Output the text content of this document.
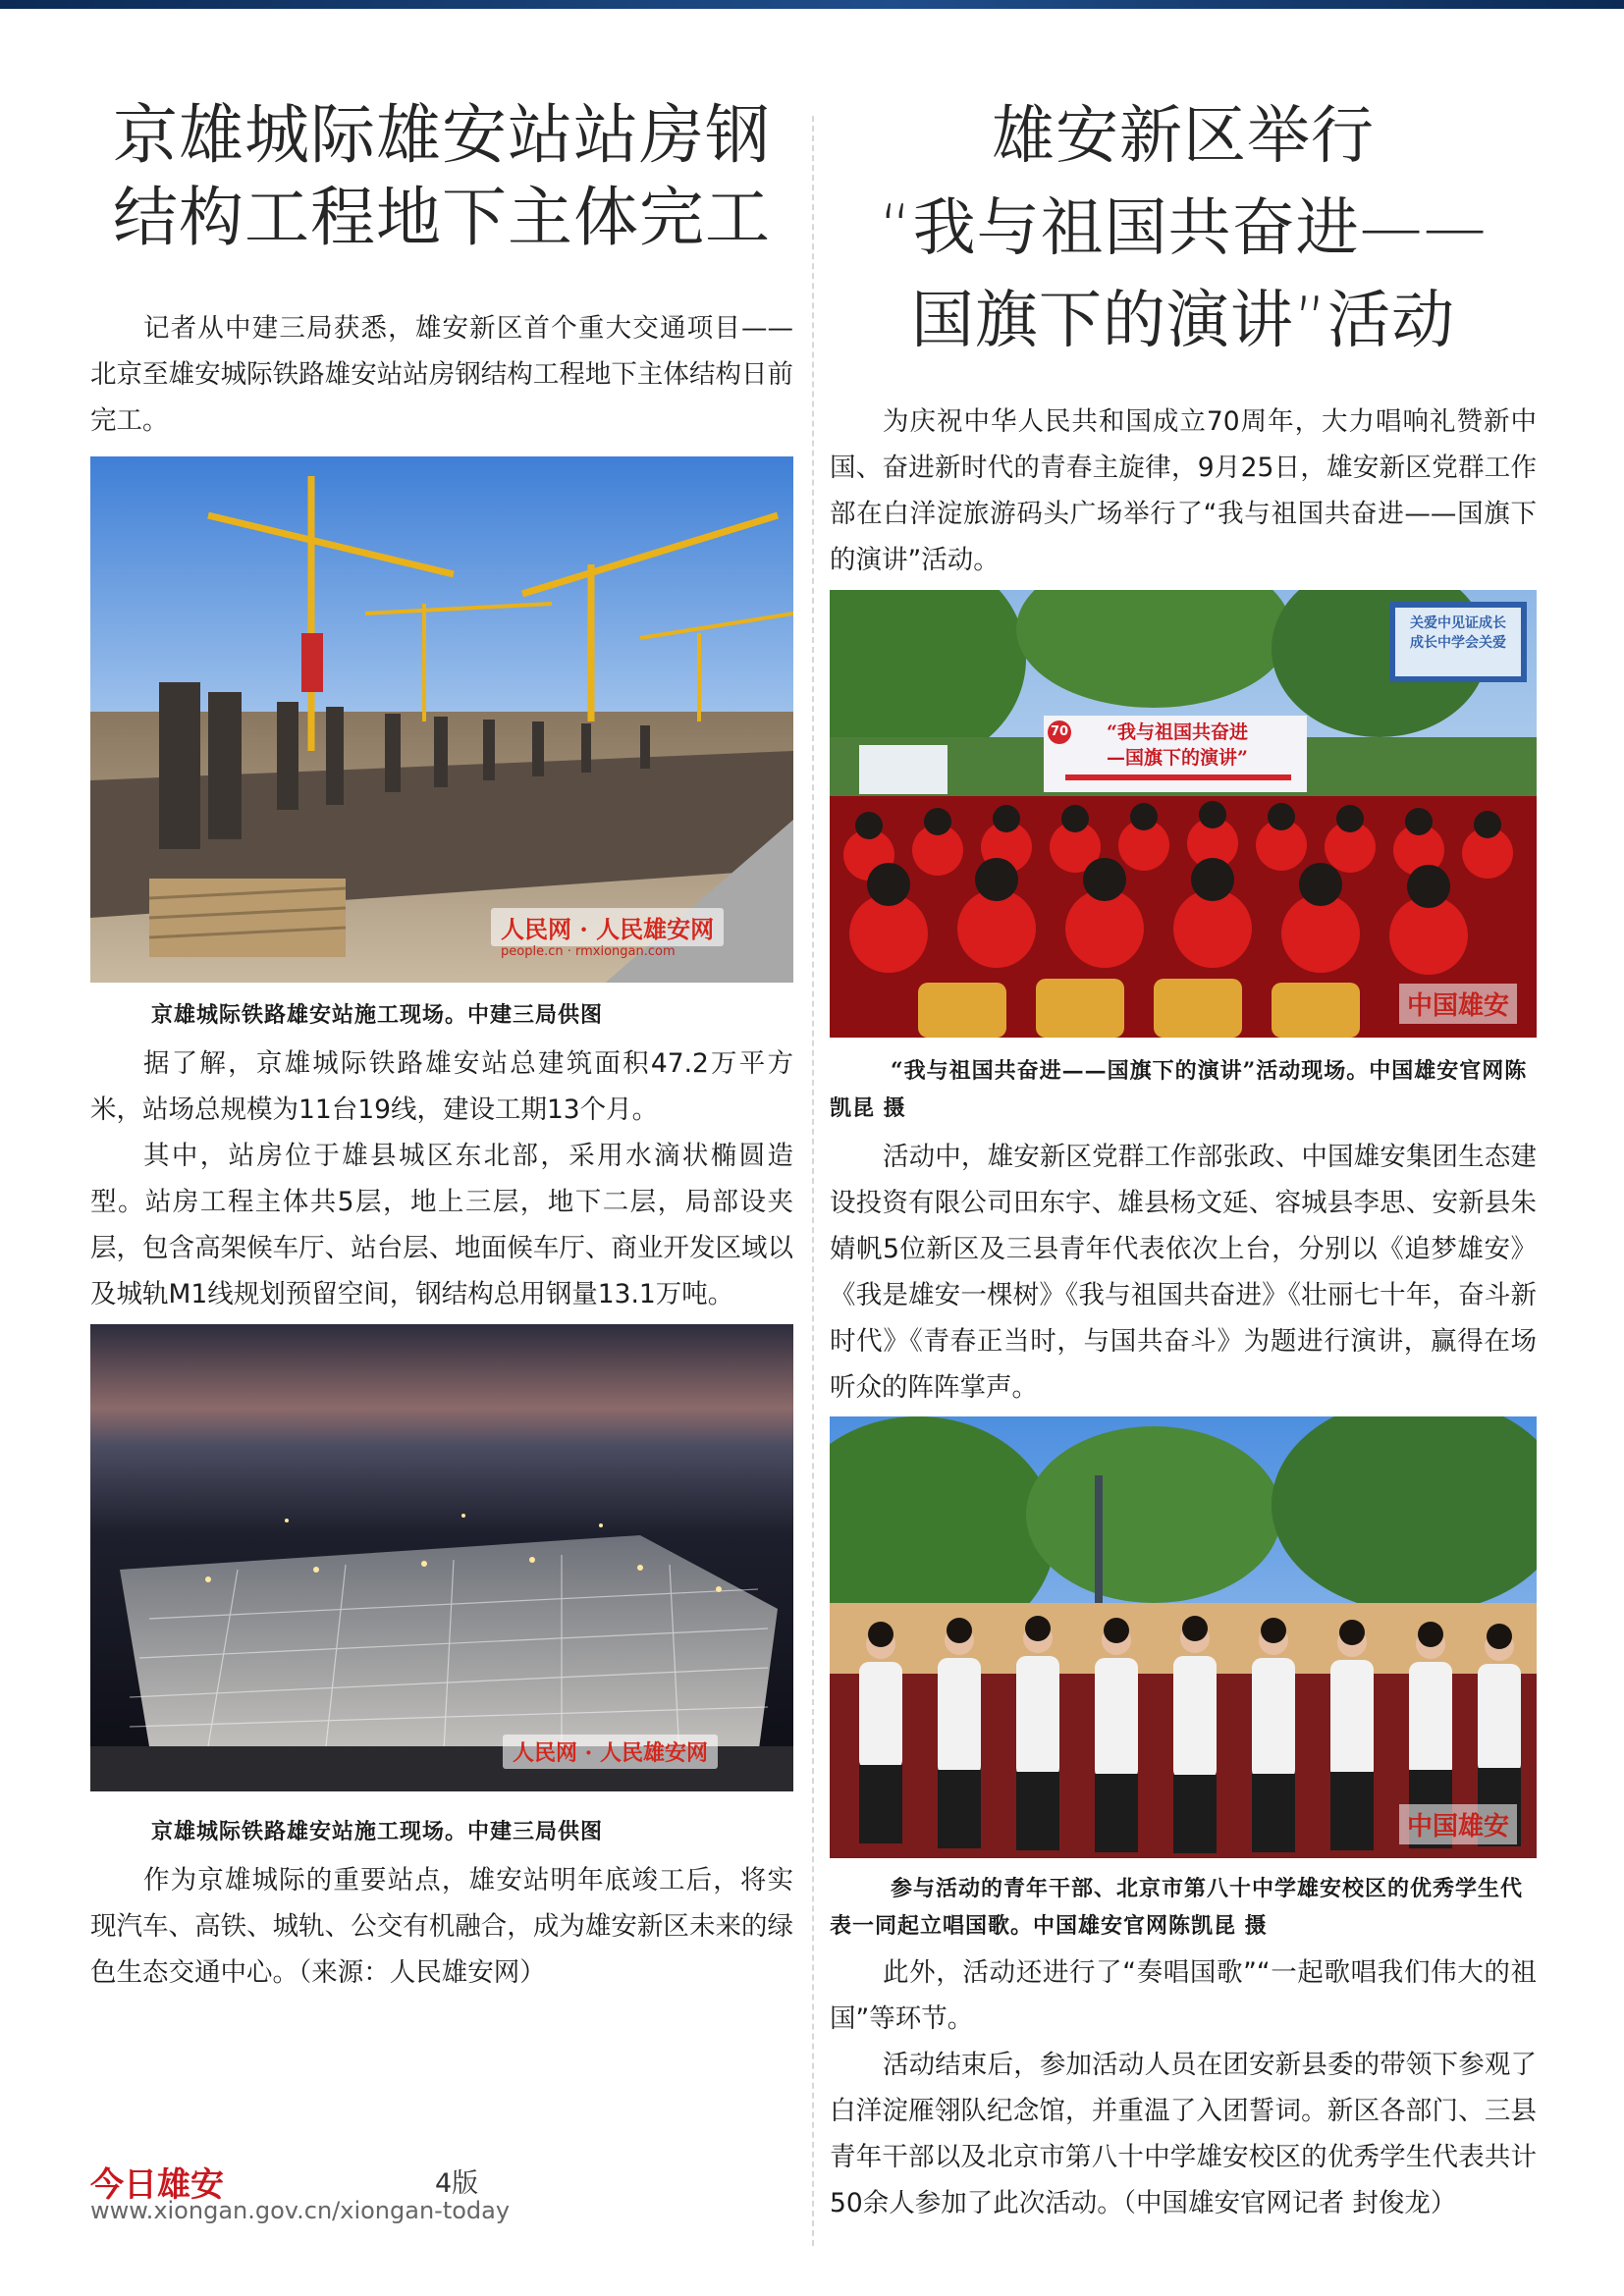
京雄城际雄安站站房钢
结构工程地下主体完工

记者从中建三局获悉，雄安新区首个重大交通项目——北京至雄安城际铁路雄安站站房钢结构工程地下主体结构日前完工。

人民网 · 人民雄安网
people.cn · rmxiongan.com

京雄城际铁路雄安站施工现场。中建三局供图

据了解，京雄城际铁路雄安站总建筑面积47.2万平方米，站场总规模为11台19线，建设工期13个月。

其中，站房位于雄县城区东北部，采用水滴状椭圆造型。站房工程主体共5层，地上三层，地下二层，局部设夹层，包含高架候车厅、站台层、地面候车厅、商业开发区域以及城轨M1线规划预留空间，钢结构总用钢量13.1万吨。

人民网 · 人民雄安网

京雄城际铁路雄安站施工现场。中建三局供图

作为京雄城际的重要站点，雄安站明年底竣工后，将实现汽车、高铁、城轨、公交有机融合，成为雄安新区未来的绿色生态交通中心。（来源：人民雄安网）

雄安新区举行
“我与祖国共奋进——
国旗下的演讲”活动

为庆祝中华人民共和国成立70周年，大力唱响礼赞新中国、奋进新时代的青春主旋律，9月25日，雄安新区党群工作部在白洋淀旅游码头广场举行了“我与祖国共奋进——国旗下的演讲”活动。

“我与祖国共奋进
—国旗下的演讲”
70
关爱中见证成长
成长中学会关爱
中国雄安

“我与祖国共奋进——国旗下的演讲”活动现场。中国雄安官网陈凯昆 摄

活动中，雄安新区党群工作部张政、中国雄安集团生态建设投资有限公司田东宇、雄县杨文延、容城县李思、安新县朱婧帆5位新区及三县青年代表依次上台，分别以《追梦雄安》《我是雄安一棵树》《我与祖国共奋进》《壮丽七十年，奋斗新时代》《青春正当时，与国共奋斗》为题进行演讲，赢得在场听众的阵阵掌声。

中国雄安

参与活动的青年干部、北京市第八十中学雄安校区的优秀学生代表一同起立唱国歌。中国雄安官网陈凯昆 摄

此外，活动还进行了“奏唱国歌”“一起歌唱我们伟大的祖国”等环节。

活动结束后，参加活动人员在团安新县委的带领下参观了白洋淀雁翎队纪念馆，并重温了入团誓词。新区各部门、三县青年干部以及北京市第八十中学雄安校区的优秀学生代表共计50余人参加了此次活动。（中国雄安官网记者 封俊龙）

今日雄安	4版
www.xiongan.gov.cn/xiongan-today
